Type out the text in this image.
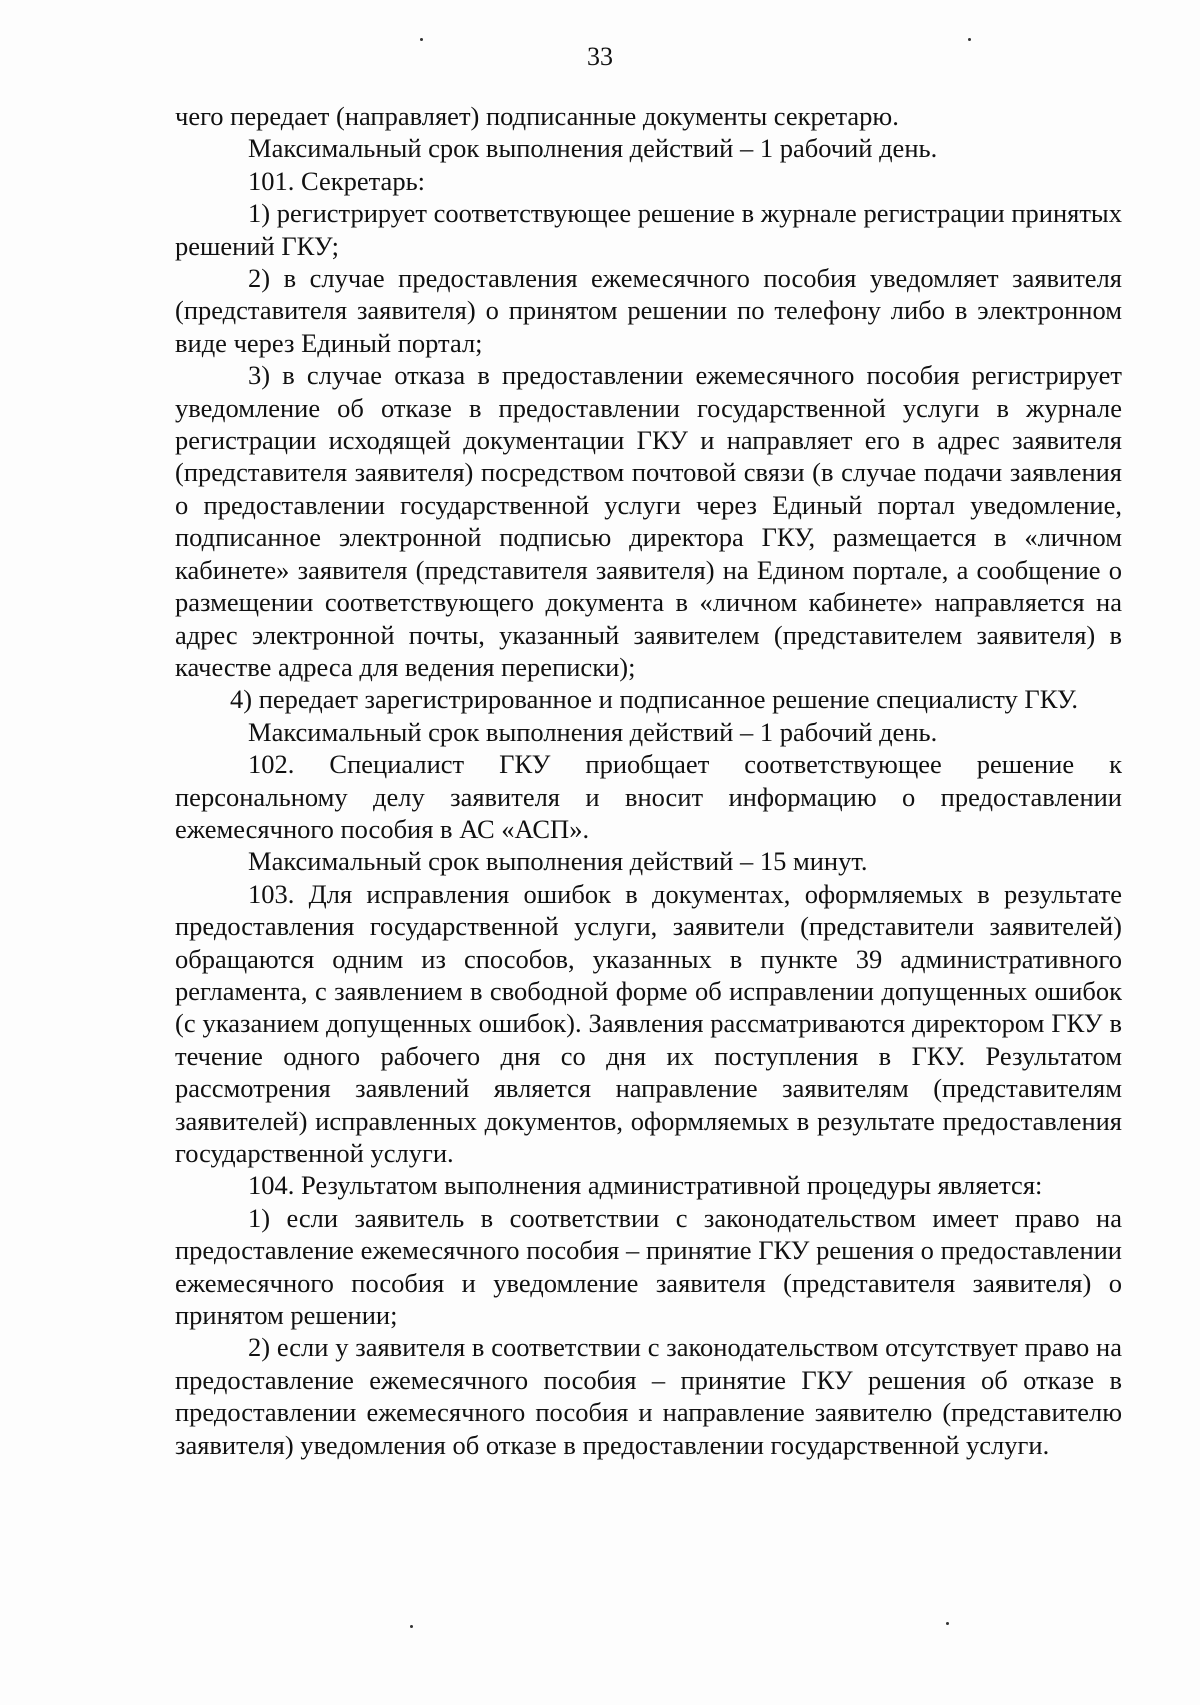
33

чего передает (направляет) подписанные документы секретарю.

Максимальный срок выполнения действий – 1 рабочий день.

101. Секретарь:

1) регистрирует соответствующее решение в журнале регистрации принятых решений ГКУ;

2) в случае предоставления ежемесячного пособия уведомляет заявителя (представителя заявителя) о принятом решении по телефону либо в электронном виде через Единый портал;

3) в случае отказа в предоставлении ежемесячного пособия регистрирует уведомление об отказе в предоставлении государственной услуги в журнале регистрации исходящей документации ГКУ и направляет его в адрес заявителя (представителя заявителя) посредством почтовой связи (в случае подачи заявления о предоставлении государственной услуги через Единый портал уведомление, подписанное электронной подписью директора ГКУ, размещается в «личном кабинете» заявителя (представителя заявителя) на Едином портале, а сообщение о размещении соответствующего документа в «личном кабинете» направляется на адрес электронной почты, указанный заявителем (представителем заявителя) в качестве адреса для ведения переписки);

4) передает зарегистрированное и подписанное решение специалисту ГКУ.

Максимальный срок выполнения действий – 1 рабочий день.

102. Специалист ГКУ приобщает соответствующее решение к персональному делу заявителя и вносит информацию о предоставлении ежемесячного пособия в АС «АСП».

Максимальный срок выполнения действий – 15 минут.

103. Для исправления ошибок в документах, оформляемых в результате предоставления государственной услуги, заявители (представители заявителей) обращаются одним из способов, указанных в пункте 39 административного регламента, с заявлением в свободной форме об исправлении допущенных ошибок (с указанием допущенных ошибок). Заявления рассматриваются директором ГКУ в течение одного рабочего дня со дня их поступления в ГКУ. Результатом рассмотрения заявлений является направление заявителям (представителям заявителей) исправленных документов, оформляемых в результате предоставления государственной услуги.

104. Результатом выполнения административной процедуры является:

1) если заявитель в соответствии с законодательством имеет право на предоставление ежемесячного пособия – принятие ГКУ решения о предоставлении ежемесячного пособия и уведомление заявителя (представителя заявителя) о принятом решении;

2) если у заявителя в соответствии с законодательством отсутствует право на предоставление ежемесячного пособия – принятие ГКУ решения об отказе в предоставлении ежемесячного пособия и направление заявителю (представителю заявителя) уведомления об отказе в предоставлении государственной услуги.
